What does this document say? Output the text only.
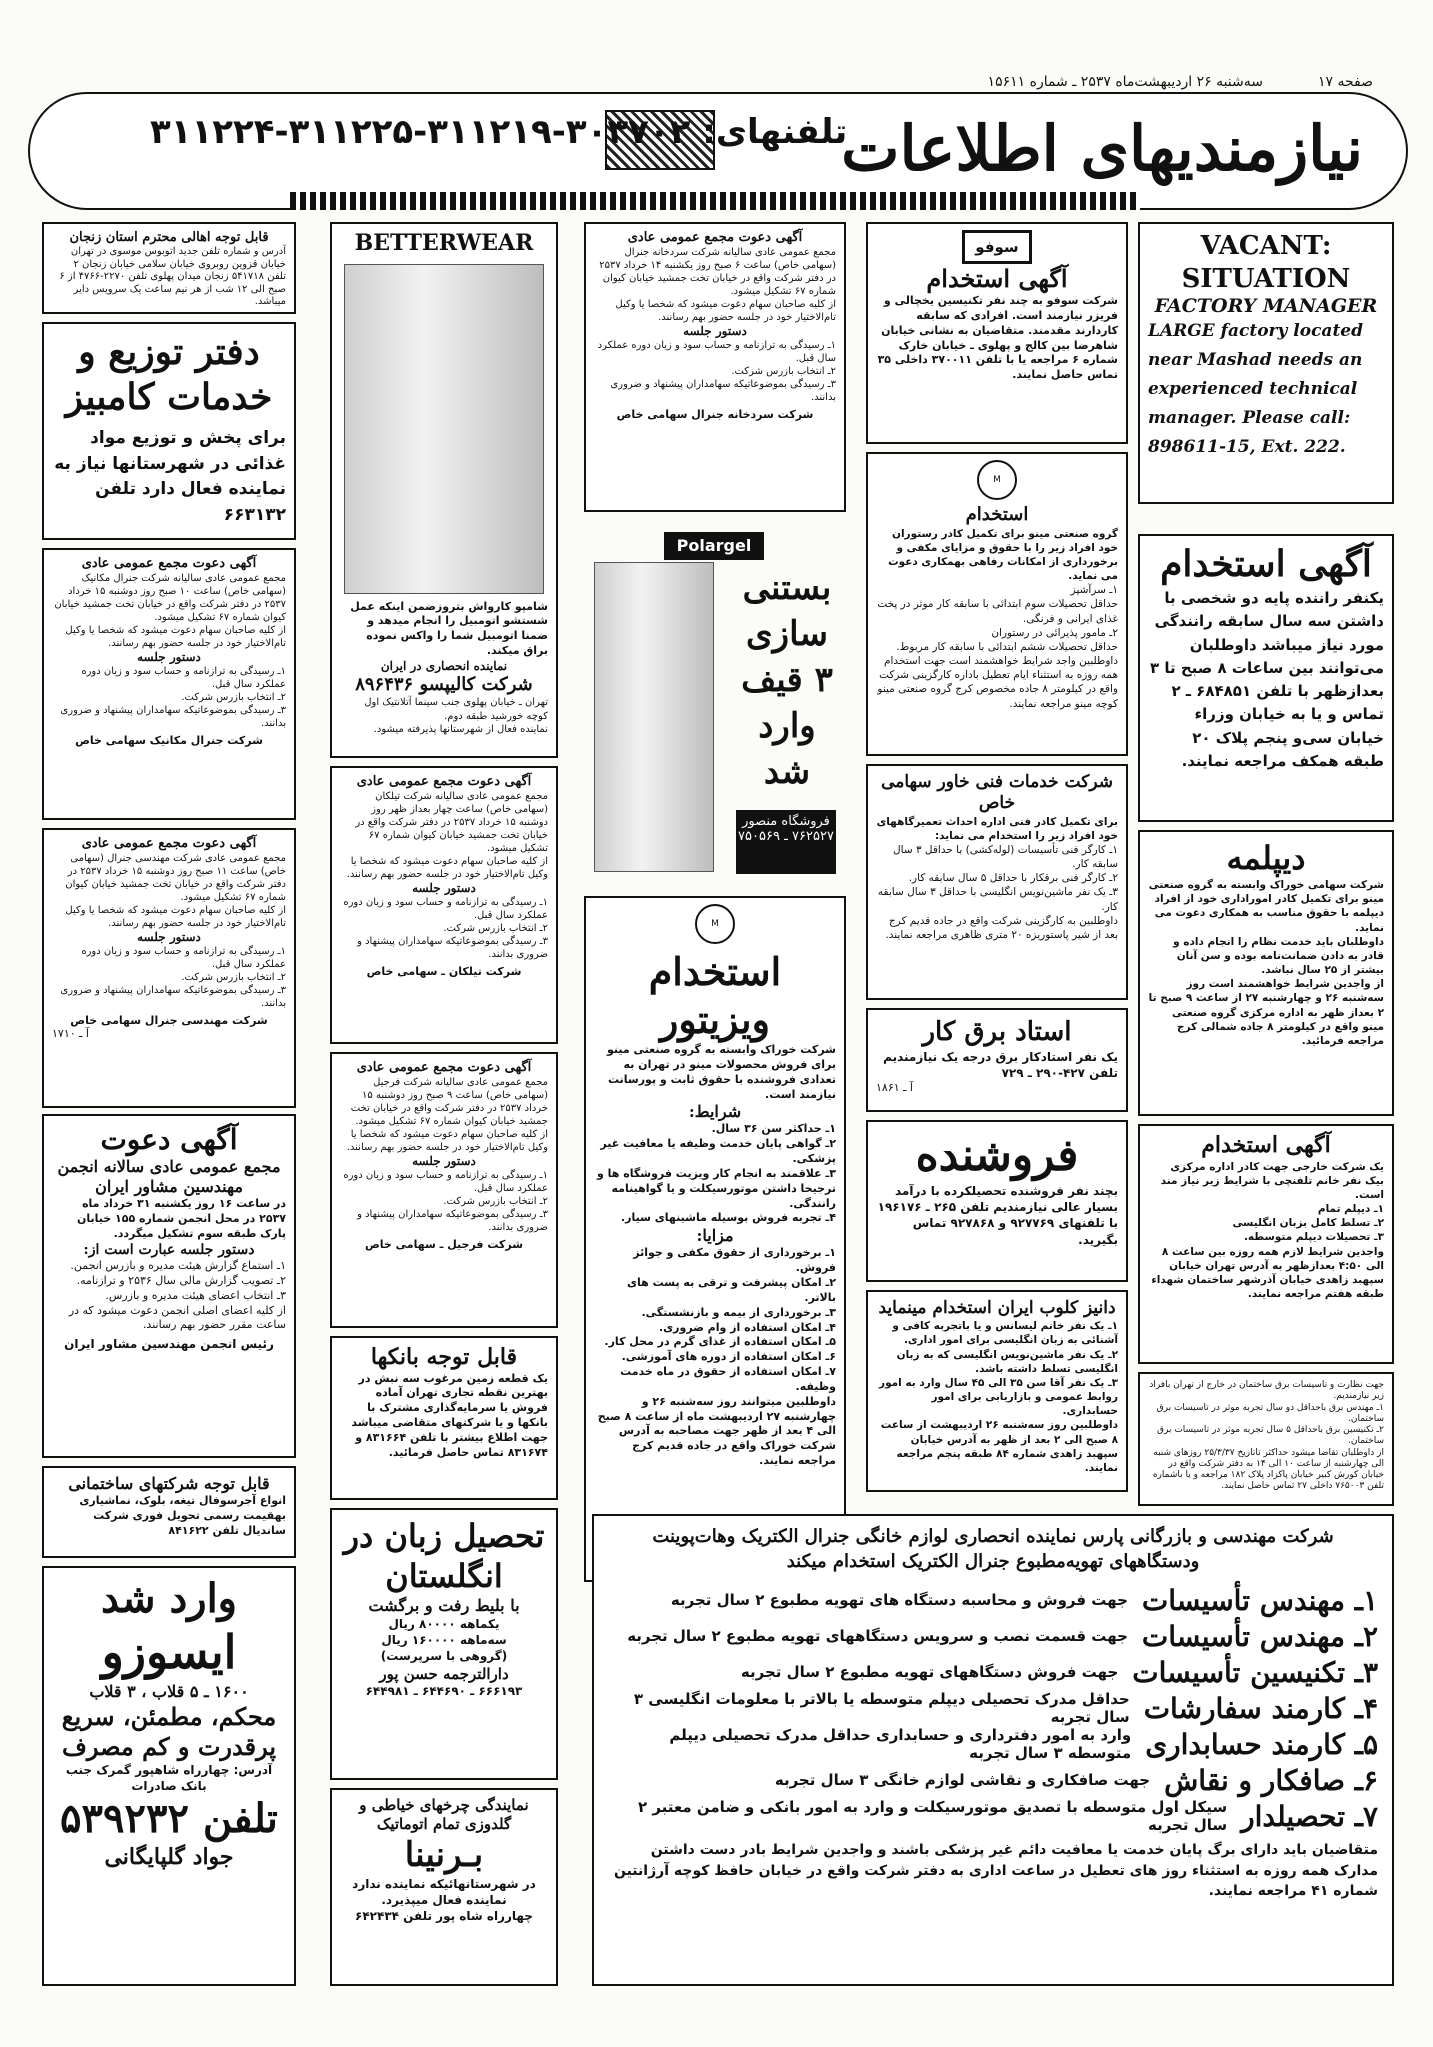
صفحه ۱۷
سه‌شنبه ۲۶ اردیبهشت‌ماه ۲۵۳۷ ـ شماره ۱۵۶۱۱
نیازمندیهای اطلاعات
تلفنهای: ۳۰۳۷۰۲-۳۱۱۲۱۹-۳۱۱۲۲۵-۳۱۱۲۲۴
قابل توجه اهالی محترم استان زنجان
آدرس و شماره تلفن جدید اتوبوس موسوی در تهران خیابان قزوین روبروی خیابان سلامی خیابان زنجان ۲ تلفن ۵۴۱۷۱۸ زنجان میدان پهلوی تلفن ۲۲۷۰-۴۷۶۶ از ۶ صبح الی ۱۲ شب از هر نیم ساعت یک سرویس دایر میباشد.
دفتر توزیع و خدمات کامبیز
برای پخش و توزیع مواد غذائی در شهرستانها نیاز به نماینده فعال دارد تلفن ۶۶۳۱۳۲
آگهی دعوت مجمع عمومی عادی
مجمع عمومی عادی سالیانه شرکت جنرال مکانیک (سهامی خاص) ساعت ۱۰ صبح روز دوشنبه ۱۵ خرداد ۲۵۳۷ در دفتر شرکت واقع در خیابان تخت جمشید خیابان کیوان شماره ۶۷ تشکیل میشود.
از کلیه صاحبان سهام دعوت میشود که شخصا یا وکیل تام‌الاختیار خود در جلسه حضور بهم رسانند.
دستور جلسه
۱ـ رسیدگی به ترازنامه و حساب سود و زیان دوره عملکرد سال قبل.
۲ـ انتخاب بازرس شرکت.
۳ـ رسیدگی بموضوعاتیکه سهامداران پیشنهاد و ضروری بدانند.
شرکت جنرال مکانیک سهامی خاص
آگهی دعوت مجمع عمومی عادی
مجمع عمومی عادی شرکت مهندسی جنرال (سهامی خاص) ساعت ۱۱ صبح روز دوشنبه ۱۵ خرداد ۲۵۳۷ در دفتر شرکت واقع در خیابان تخت جمشید خیابان کیوان شماره ۶۷ تشکیل میشود.
از کلیه صاحبان سهام دعوت میشود که شخصا یا وکیل تام‌الاختیار خود در جلسه حضور بهم رسانند.
دستور جلسه
۱ـ رسیدگی به ترازنامه و حساب سود و زیان دوره عملکرد سال قبل.
۲ـ انتخاب بازرس شرکت.
۳ـ رسیدگی بموضوعاتیکه سهامداران پیشنهاد و ضروری بدانند.
شرکت مهندسی جنرال سهامی خاص
آ ـ ۱۷۱۰
آگهی دعوت
مجمع عمومی عادی سالانه انجمن مهندسین مشاور ایران
در ساعت ۱۶ روز یکشنبه ۳۱ خرداد ماه ۲۵۳۷ در محل انجمن شماره ۱۵۵ خیابان پارک طبقه سوم تشکیل میگردد.
دستور جلسه عبارت است از:
۱ـ استماع گزارش هیئت مدیره و بازرس انجمن.
۲ـ تصویب گزارش مالی سال ۲۵۳۶ و ترازنامه.
۳ـ انتخاب اعضای هیئت مدیره و بازرس.
از کلیه اعضای اصلی انجمن دعوت میشود که در ساعت مقرر حضور بهم رسانند.
رئیس انجمن مهندسین مشاور ایران
قابل توجه شرکتهای ساختمانی
انواع آجرسوفال تیغه، بلوک، نماشیاری بهقیمت رسمی تحویل فوری شرکت ساندیال تلفن ۸۴۱۶۲۲
وارد شد
ایسوزو
۱۶۰۰ ـ ۵ قلاب ، ۳ قلاب
محکم، مطمئن، سریع پرقدرت و کم مصرف
آدرس: چهارراه شاهپور گمرک جنب بانک صادرات
تلفن ۵۳۹۲۳۲
جواد گلپایگانی
BETTERWEAR
شامپو کارواش بتروزضمن اینکه عمل شستشو اتومبیل را انجام میدهد و ضمنا اتومبیل شما را واکس نموده براق میکند.
نماینده انحصاری در ایران
شرکت کالیپسو ۸۹۶۴۳۶
تهران ـ خیابان پهلوی جنب سینما آتلانتیک اول کوچه خورشید طبقه دوم.
نماینده فعال از شهرستانها پذیرفته میشود.
آگهی دعوت مجمع عمومی عادی
مجمع عمومی عادی سالیانه شرکت تیلکان (سهامی خاص) ساعت چهار بعداز ظهر روز دوشنبه ۱۵ خرداد ۲۵۳۷ در دفتر شرکت واقع در خیابان تخت جمشید خیابان کیوان شماره ۶۷ تشکیل میشود.
از کلیه صاحبان سهام دعوت میشود که شخصا یا وکیل تام‌الاختیار خود در جلسه حضور بهم رسانند.
دستور جلسه
۱ـ رسیدگی به ترازنامه و حساب سود و زیان دوره عملکرد سال قبل.
۲ـ انتخاب بازرس شرکت.
۳ـ رسیدگی بموضوعاتیکه سهامداران پیشنهاد و ضروری بدانند.
شرکت تیلکان ـ سهامی خاص
آگهی دعوت مجمع عمومی عادی
مجمع عمومی عادی سالیانه شرکت فرجیل (سهامی خاص) ساعت ۹ صبح روز دوشنبه ۱۵ خرداد ۲۵۳۷ در دفتر شرکت واقع در خیابان تخت جمشید خیابان کیوان شماره ۶۷ تشکیل میشود.
از کلیه صاحبان سهام دعوت میشود که شخصا یا وکیل تام‌الاختیار خود در جلسه حضور بهم رسانند.
دستور جلسه
۱ـ رسیدگی به ترازنامه و حساب سود و زیان دوره عملکرد سال قبل.
۲ـ انتخاب بازرس شرکت.
۳ـ رسیدگی بموضوعاتیکه سهامداران پیشنهاد و ضروری بدانند.
شرکت فرجیل ـ سهامی خاص
قابل توجه بانکها
یک قطعه زمین مرغوب سه نبش در بهترین نقطه تجاری تهران آماده فروش یا سرمایه‌گذاری مشترک با بانکها و یا شرکتهای متقاضی میباشد جهت اطلاع بیشتر با تلفن ۸۳۱۶۶۴ و ۸۳۱۶۷۴ تماس حاصل فرمائید.
تحصیل زبان در انگلستان
با بلیط رفت و برگشت
یکماهه ۸۰۰۰۰ ریال
سه‌ماهه ۱۶۰۰۰۰ ریال
(گروهی با سرپرست)
دارالترجمه حسن پور
۶۶۶۱۹۳ ـ ۶۴۴۶۹۰ ـ ۶۴۴۹۸۱
نمایندگی چرخهای خیاطی و گلدوزی تمام اتوماتیک
بـرنینا
در شهرستانهائیکه نماینده ندارد نماینده فعال میپذیرد.
چهارراه شاه پور تلفن ۶۴۲۴۳۴
آگهی دعوت مجمع عمومی عادی
مجمع عمومی عادی سالیانه شرکت سردخانه جنرال (سهامی خاص) ساعت ۶ صبح روز یکشنبه ۱۴ خرداد ۲۵۳۷ در دفتر شرکت واقع در خیابان تخت جمشید خیابان کیوان شماره ۶۷ تشکیل میشود.
از کلیه صاحبان سهام دعوت میشود که شخصا یا وکیل تام‌الاختیار خود در جلسه حضور بهم رسانند.
دستور جلسه
۱ـ رسیدگی به ترازنامه و حساب سود و زیان دوره عملکرد سال قبل.
۲ـ انتخاب بازرس شرکت.
۳ـ رسیدگی بموضوعاتیکه سهامداران پیشنهاد و ضروری بدانند.
شرکت سردخانه جنرال سهامی خاص
Polargel
بستنی سازی ۳ قیف وارد شد
فروشگاه منصور
۷۶۲۵۲۷ ـ ۷۵۰۵۶۹
M
استخدام ویزیتور
شرکت خوراک وابسته به گروه صنعتی مینو برای فروش محصولات مینو در تهران به تعدادی فروشنده با حقوق ثابت و پورسانت نیازمند است.
شرایط:
۱ـ حداکثر سن ۳۶ سال.
۲ـ گواهی پایان خدمت وظیفه یا معافیت غیر پزشکی.
۳ـ علاقمند به انجام کار ویزیت فروشگاه ها و ترجیحا داشتن موتورسیکلت و یا گواهینامه رانندگی.
۴ـ تجربه فروش بوسیله ماشینهای سیار.
مزایا:
۱ـ برخورداری از حقوق مکفی و جوائز فروش.
۲ـ امکان پیشرفت و ترقی به پست های بالاتر.
۳ـ برخورداری از بیمه و بازنشستگی.
۴ـ امکان استفاده از وام ضروری.
۵ـ امکان استفاده از غذای گرم در محل کار.
۶ـ امکان استفاده از دوره های آموزشی.
۷ـ امکان استفاده از حقوق در ماه خدمت وظیفه.
داوطلبین میتوانند روز سه‌شنبه ۲۶ و چهارشنبه ۲۷ اردیبهشت ماه از ساعت ۸ صبح الی ۴ بعد از ظهر جهت مصاحبه به آدرس شرکت خوراک واقع در جاده قدیم کرج مراجعه نمایند.
سوفو
آگهی استخدام
شرکت سوفو به چند نفر تکنیسین یخچالی و فریزر نیازمند است. افرادی که سابقه کاردارند مقدمند. متقاضیان به نشانی خیابان شاهرضا بین کالج و پهلوی ـ خیابان خارک شماره ۶ مراجعه یا با تلفن ۳۷۰۰۱۱ داخلی ۳۵ تماس حاصل نمایند.
M
استخدام
گروه صنعتی مینو برای تکمیل کادر رستوران خود افراد زیر را با حقوق و مزایای مکفی و برخورداری از امکانات رفاهی بهمکاری دعوت می نماید.
۱ـ سرآشپز
حداقل تحصیلات سوم ابتدائی با سابقه کار موثر در پخت غذای ایرانی و فرنگی.
۲ـ مامور پذیرائی در رستوران
حداقل تحصیلات ششم ابتدائی با سابقه کار مربوط.
داوطلبین واجد شرایط خواهشمند است جهت استخدام همه روزه به استثناء ایام تعطیل باداره کارگزینی شرکت واقع در کیلومتر ۸ جاده مخصوص کرج گروه صنعتی مینو کوچه مینو مراجعه نمایند.
شرکت خدمات فنی خاور سهامی خاص
برای تکمیل کادر فنی اداره احداث تعمیرگاههای خود افراد زیر را استخدام می نماید:
۱ـ کارگر فنی تأسیسات (لوله‌کشی) با حداقل ۳ سال سابقه کار.
۲ـ کارگر فنی برقکار با حداقل ۵ سال سابقه کار.
۳ـ یک نفر ماشین‌نویس انگلیسی با حداقل ۳ سال سابقه کار.
داوطلبین به کارگزینی شرکت واقع در جاده قدیم کرج بعد از شیر پاستوریزه ۲۰ متری ظاهری مراجعه نمایند.
استاد برق کار
یک نفر استادکار برق درجه یک نیازمندیم تلفن ۴۲۷-۲۹۰ ـ ۷۲۹
آ ـ ۱۸۶۱
فروشنده
بچند نفر فروشنده تحصیلکرده با درآمد بسیار عالی نیازمندیم تلفن ۲۶۵ ـ ۱۹۶۱۷۶ با تلفنهای ۹۲۷۷۶۹ و ۹۲۷۸۶۸ تماس بگیرید.
دانیز کلوب ایران استخدام مینماید
۱ـ یک نفر خانم لیسانس و یا باتجربه کافی و آشنائی به زبان انگلیسی برای امور اداری.
۲ـ یک نفر ماشین‌نویس انگلیسی که به زبان انگلیسی تسلط داشته باشد.
۳ـ یک نفر آقا سن ۳۵ الی ۴۵ سال وارد به امور روابط عمومی و بازاریابی برای امور حسابداری.
داوطلبین روز سه‌شنبه ۲۶ اردیبهشت از ساعت ۸ صبح الی ۲ بعد از ظهر به آدرس خیابان سپهبد زاهدی شماره ۸۴ طبقه پنجم مراجعه نمایند.
VACANT:
SITUATION
FACTORY MANAGER
LARGE factory located near Mashad needs an experienced technical manager. Please call: 898611-15, Ext. 222.
آگهی استخدام
یکنفر راننده پایه دو شخصی با داشتن سه سال سابقه رانندگی مورد نیاز میباشد داوطلبان می‌توانند بین ساعات ۸ صبح تا ۳ بعدازظهر با تلفن ۶۸۴۸۵۱ ـ ۲ تماس و یا به خیابان وزراء خیابان سی‌و پنجم پلاک ۲۰ طبقه همکف مراجعه نمایند.
دیپلمه
شرکت سهامی خوراک وابسته به گروه صنعتی مینو برای تکمیل کادر اموراداری خود از افراد دیپلمه با حقوق مناسب به همکاری دعوت می نماید.
داوطلبان باید خدمت نظام را انجام داده و قادر به دادن ضمانت‌نامه بوده و سن آنان بیشتر از ۲۵ سال نباشد.
از واجدین شرایط خواهشمند است روز سه‌شنبه ۲۶ و چهارشنبه ۲۷ از ساعت ۹ صبح تا ۲ بعداز ظهر به اداره مرکزی گروه صنعتی مینو واقع در کیلومتر ۸ جاده شمالی کرج مراجعه فرمائید.
آگهی استخدام
یک شرکت خارجی جهت کادر اداره مرکزی بیک نفر خانم تلفنچی با شرایط زیر نیاز مند است.
۱ـ دیپلم تمام
۲ـ تسلط کامل بزبان انگلیسی
۳ـ تحصیلات دیپلم متوسطه.
واجدین شرایط لازم همه روزه بین ساعت ۸ الی ۴:۵۰ بعدازظهر به آدرس تهران خیابان سپهبد زاهدی خیابان آذرشهر ساختمان شهداء طبقه هفتم مراجعه نمایند.
جهت نظارت و تاسیسات برق ساختمان در خارج از تهران بافراد زیر نیازمندیم.
۱ـ مهندس برق باحداقل دو سال تجربه موثر در تاسیسات برق ساختمان.
۲ـ تکنیسین برق باحداقل ۵ سال تجربه موثر در تاسیسات برق ساختمان.
از داوطلبان تقاضا میشود حداکثر تاتاریخ ۲۵/۳/۳۷ روزهای شنبه الی چهارشنبه از ساعت ۱۰ الی ۱۴ به دفتر شرکت واقع در خیابان کورش کبیر خیابان پاکزاد پلاک ۱۸۲ مراجعه و یا باشماره تلفن ۷۶۵۰۰۳ داخلی ۲۷ تماس حاصل نمایند.
شرکت مهندسی و بازرگانی پارس نماینده انحصاری لوازم خانگی جنرال الکتریک وهات‌پوینت ودستگاههای تهویه‌مطبوع جنرال الکتریک استخدام میکند
۱ـ مهندس تأسیسات
جهت فروش و محاسبه دستگاه های تهویه مطبوع ۲ سال تجربه
۲ـ مهندس تأسیسات
جهت قسمت نصب و سرویس دستگاههای تهویه مطبوع ۲ سال تجربه
۳ـ تکنیسین تأسیسات
جهت فروش دستگاههای تهویه مطبوع ۲ سال تجربه
۴ـ کارمند سفارشات
حداقل مدرک تحصیلی دیپلم متوسطه یا بالاتر با معلومات انگلیسی ۳ سال تجربه
۵ـ کارمند حسابداری
وارد به امور دفترداری و حسابداری حداقل مدرک تحصیلی دیپلم متوسطه ۳ سال تجربه
۶ـ صافکار و نقاش
جهت صافکاری و نقاشی لوازم خانگی ۳ سال تجربه
۷ـ تحصیلدار
سیکل اول متوسطه با تصدیق موتورسیکلت و وارد به امور بانکی و ضامن معتبر ۲ سال تجربه
متقاضیان باید دارای برگ پایان خدمت یا معافیت دائم غیر پزشکی باشند و واجدین شرایط بادر دست داشتن مدارک همه روزه به استثناء روز های تعطیل در ساعت اداری به دفتر شرکت واقع در خیابان حافظ کوچه آرژانتین شماره ۴۱ مراجعه نمایند.
